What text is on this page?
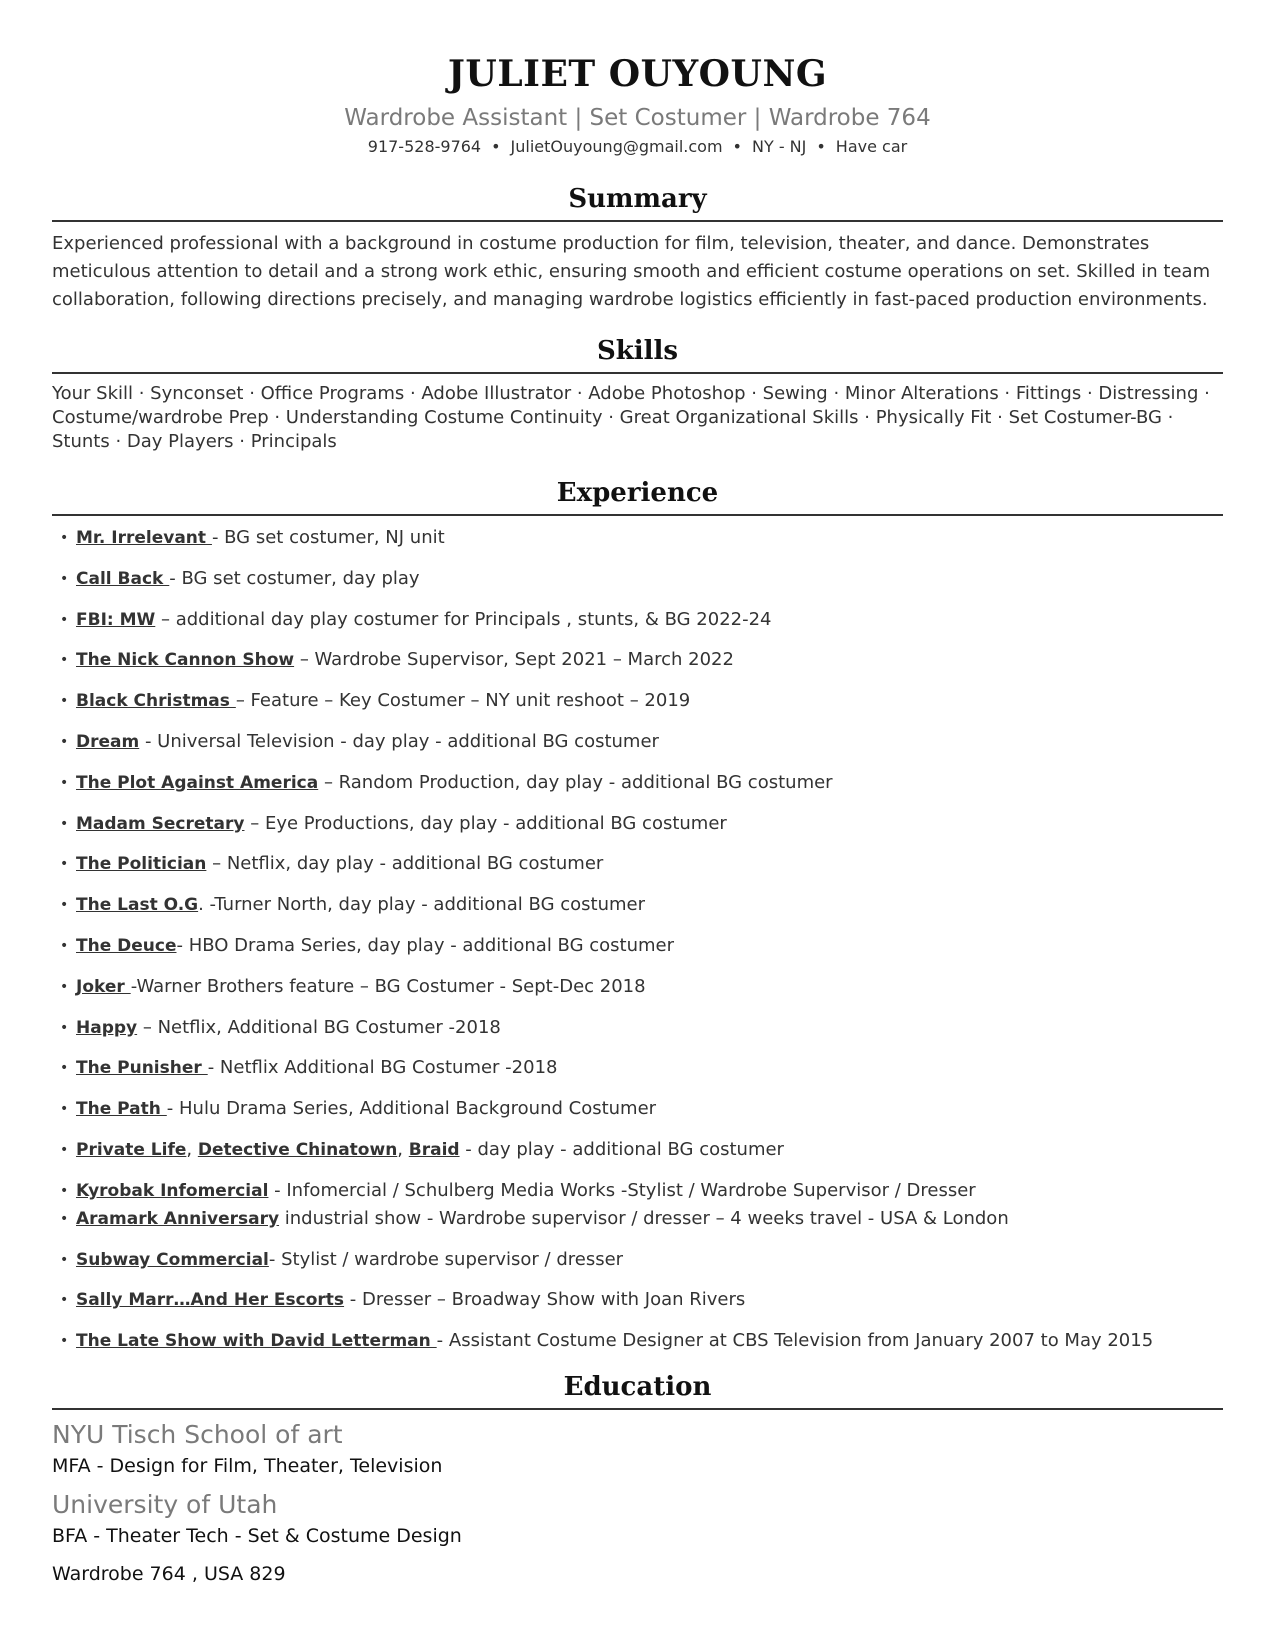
JULIET OUYOUNG
Wardrobe Assistant | Set Costumer | Wardrobe 764
917-528-9764 • JulietOuyoung@gmail.com • NY - NJ • Have car
Summary
Experienced professional with a background in costume production for film, television, theater, and dance. Demonstrates meticulous attention to detail and a strong work ethic, ensuring smooth and efficient costume operations on set. Skilled in team collaboration, following directions precisely, and managing wardrobe logistics efficiently in fast-paced production environments.
Skills
Your Skill · Synconset · Office Programs · Adobe Illustrator · Adobe Photoshop · Sewing · Minor Alterations · Fittings · Distressing · Costume/wardrobe Prep · Understanding Costume Continuity · Great Organizational Skills · Physically Fit · Set Costumer-BG · Stunts · Day Players · Principals
Experience
• Mr. Irrelevant - BG set costumer, NJ unit
• Call Back - BG set costumer, day play
• FBI: MW – additional day play costumer for Principals , stunts, & BG 2022-24
• The Nick Cannon Show – Wardrobe Supervisor, Sept 2021 – March 2022
• Black Christmas – Feature – Key Costumer – NY unit reshoot – 2019
• Dream - Universal Television - day play - additional BG costumer
• The Plot Against America – Random Production, day play - additional BG costumer
• Madam Secretary – Eye Productions, day play - additional BG costumer
• The Politician – Netflix, day play - additional BG costumer
• The Last O.G. -Turner North, day play - additional BG costumer
• The Deuce- HBO Drama Series, day play - additional BG costumer
• Joker -Warner Brothers feature – BG Costumer - Sept-Dec 2018
• Happy – Netflix, Additional BG Costumer -2018
• The Punisher - Netflix Additional BG Costumer -2018
• The Path - Hulu Drama Series, Additional Background Costumer
• Private Life, Detective Chinatown, Braid - day play - additional BG costumer
• Kyrobak Infomercial - Infomercial / Schulberg Media Works -Stylist / Wardrobe Supervisor / Dresser
• Aramark Anniversary industrial show - Wardrobe supervisor / dresser – 4 weeks travel - USA & London
• Subway Commercial- Stylist / wardrobe supervisor / dresser
• Sally Marr…And Her Escorts - Dresser – Broadway Show with Joan Rivers
• The Late Show with David Letterman - Assistant Costume Designer at CBS Television from January 2007 to May 2015
Education
NYU Tisch School of art
MFA - Design for Film, Theater, Television
University of Utah
BFA - Theater Tech - Set & Costume Design
Wardrobe 764 , USA 829
